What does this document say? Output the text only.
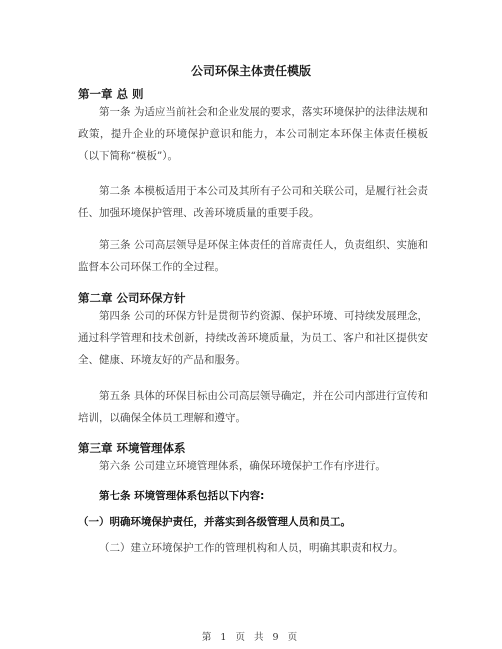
公司环保主体责任模版
第一章 总 则
第一条 为适应当前社会和企业发展的要求，落实环境保护的法律法规和政策，提升企业的环境保护意识和能力，本公司制定本环保主体责任模板（以下简称“模板”）。
第二条 本模板适用于本公司及其所有子公司和关联公司，是履行社会责任、加强环境保护管理、改善环境质量的重要手段。
第三条 公司高层领导是环保主体责任的首席责任人，负责组织、实施和监督本公司环保工作的全过程。
第二章 公司环保方针
第四条 公司的环保方针是贯彻节约资源、保护环境、可持续发展理念，通过科学管理和技术创新，持续改善环境质量，为员工、客户和社区提供安全、健康、环境友好的产品和服务。
第五条 具体的环保目标由公司高层领导确定，并在公司内部进行宣传和培训，以确保全体员工理解和遵守。
第三章 环境管理体系
第六条 公司建立环境管理体系，确保环境保护工作有序进行。
第七条 环境管理体系包括以下内容:
（一）明确环境保护责任，并落实到各级管理人员和员工。
（二）建立环境保护工作的管理机构和人员，明确其职责和权力。
第 1 页 共 9 页
